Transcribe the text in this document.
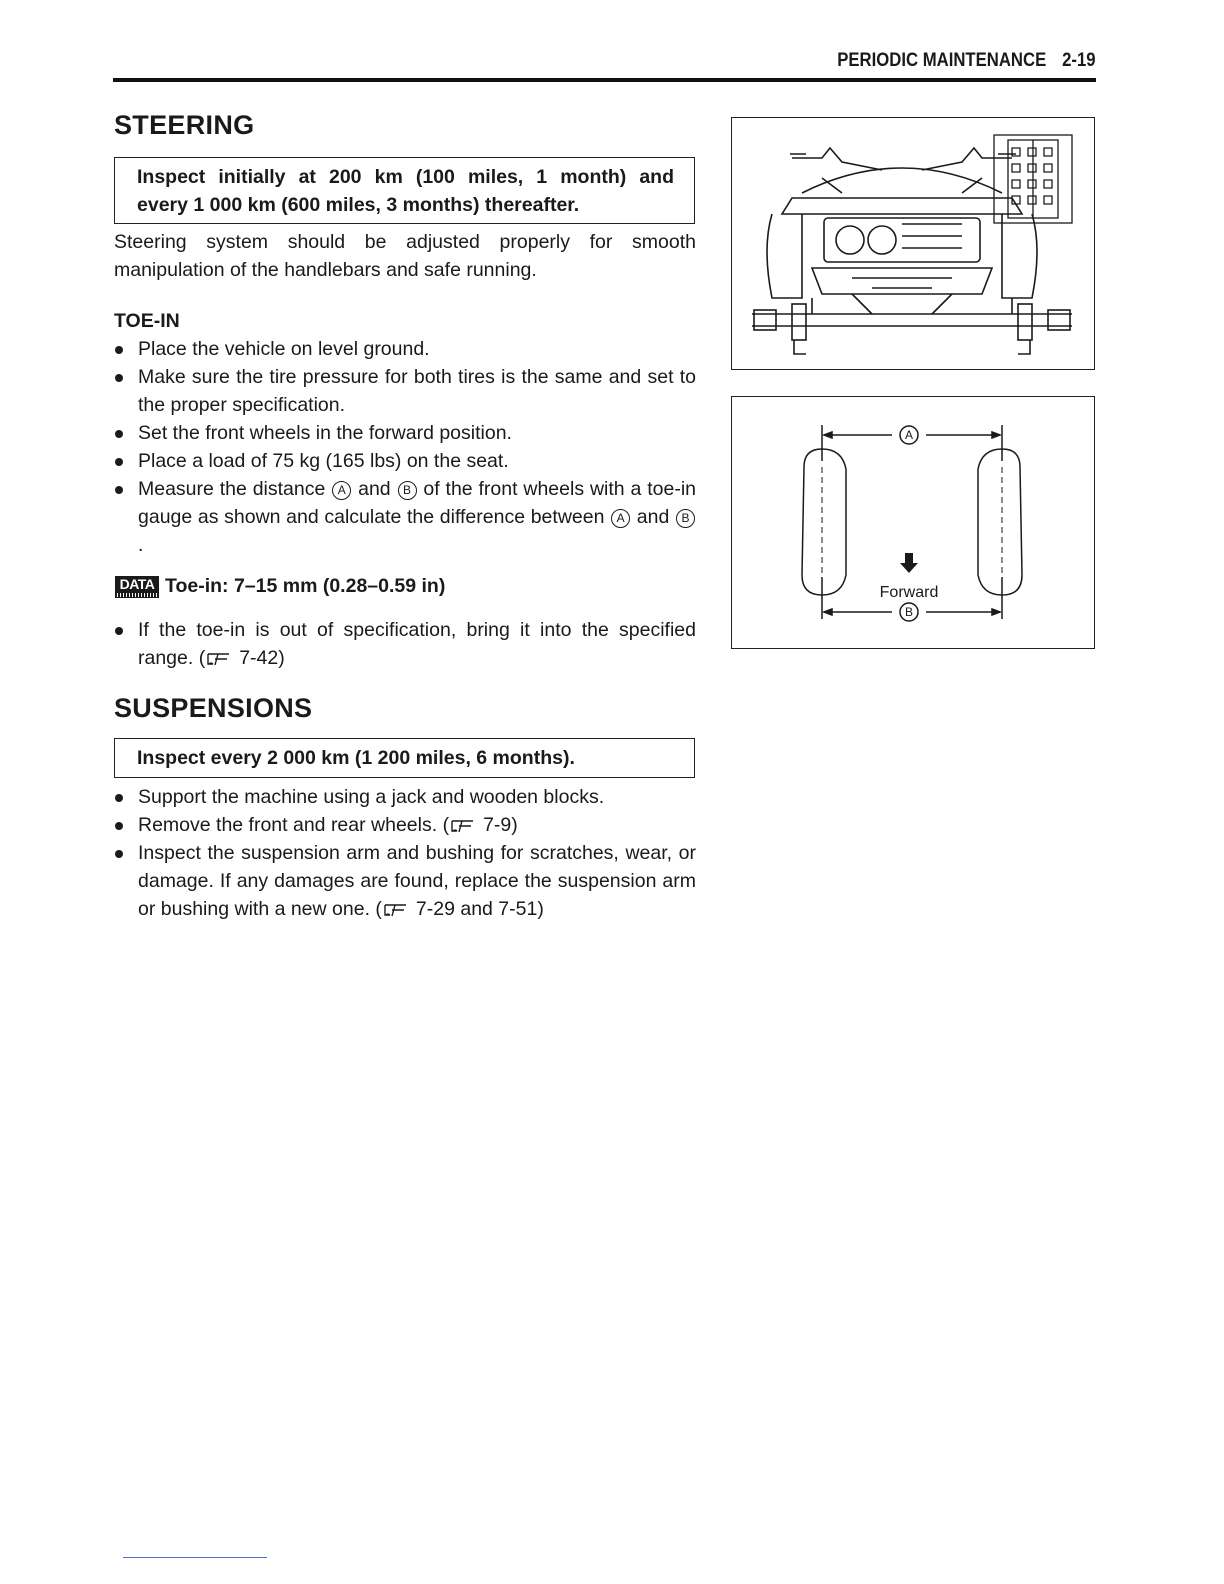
PERIODIC MAINTENANCE 2-19
STEERING
Inspect initially at 200 km (100 miles, 1 month) and
every 1 000 km (600 miles, 3 months) thereafter.

Steering system should be adjusted properly for smooth manipulation of the handlebars and safe running.

TOE-IN
Place the vehicle on level ground.
Make sure the tire pressure for both tires is the same and set to the proper specification.
Set the front wheels in the forward position.
Place a load of 75 kg (165 lbs) on the seat.
Measure the distance A and B of the front wheels with a toe-in gauge as shown and calculate the difference between A and B.
DATA Toe-in: 7–15 mm (0.28–0.59 in)
If the toe-in is out of specification, bring it into the specified range. ( 7-42)
SUSPENSIONS
Inspect every 2 000 km (1 200 miles, 6 months).
Support the machine using a jack and wooden blocks.
Remove the front and rear wheels. ( 7-9)
Inspect the suspension arm and bushing for scratches, wear, or damage. If any damages are found, replace the suspension arm or bushing with a new one. ( 7-29 and 7-51)
A
B
Forward
